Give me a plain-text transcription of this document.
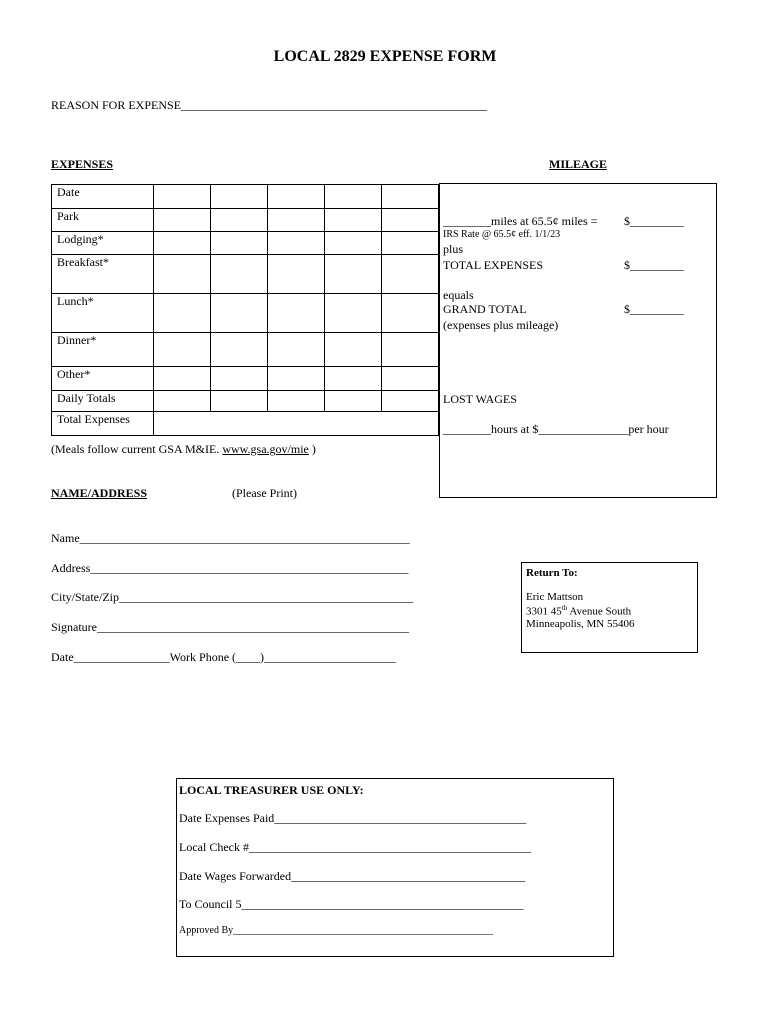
LOCAL 2829 EXPENSE FORM
REASON FOR EXPENSE___________________________________________________
EXPENSES	MILEAGE
Date					
Park					
Lodging*					
Breakfast*					
Lunch*					
Dinner*					
Other*					
Daily Totals					
Total Expenses					
(Meals follow current GSA M&IE. www.gsa.gov/mie )
________miles at 65.5¢ miles = $_________
IRS Rate @ 65.5¢ eff. 1/1/23
plus
TOTAL EXPENSES	$_________
equals
GRAND TOTAL	$_________
(expenses plus mileage)
LOST WAGES
________hours at $_______________per hour
NAME/ADDRESS	(Please Print)
Name_______________________________________________________
Address_____________________________________________________
City/State/Zip_________________________________________________
Signature____________________________________________________
Date________________Work Phone (____)______________________
Return To:
Eric Mattson
3301 45th Avenue South
Minneapolis, MN 55406
LOCAL TREASURER USE ONLY:
Date Expenses Paid__________________________________________
Local Check #_______________________________________________
Date Wages Forwarded_______________________________________
To Council 5_______________________________________________
Approved By____________________________________________________
